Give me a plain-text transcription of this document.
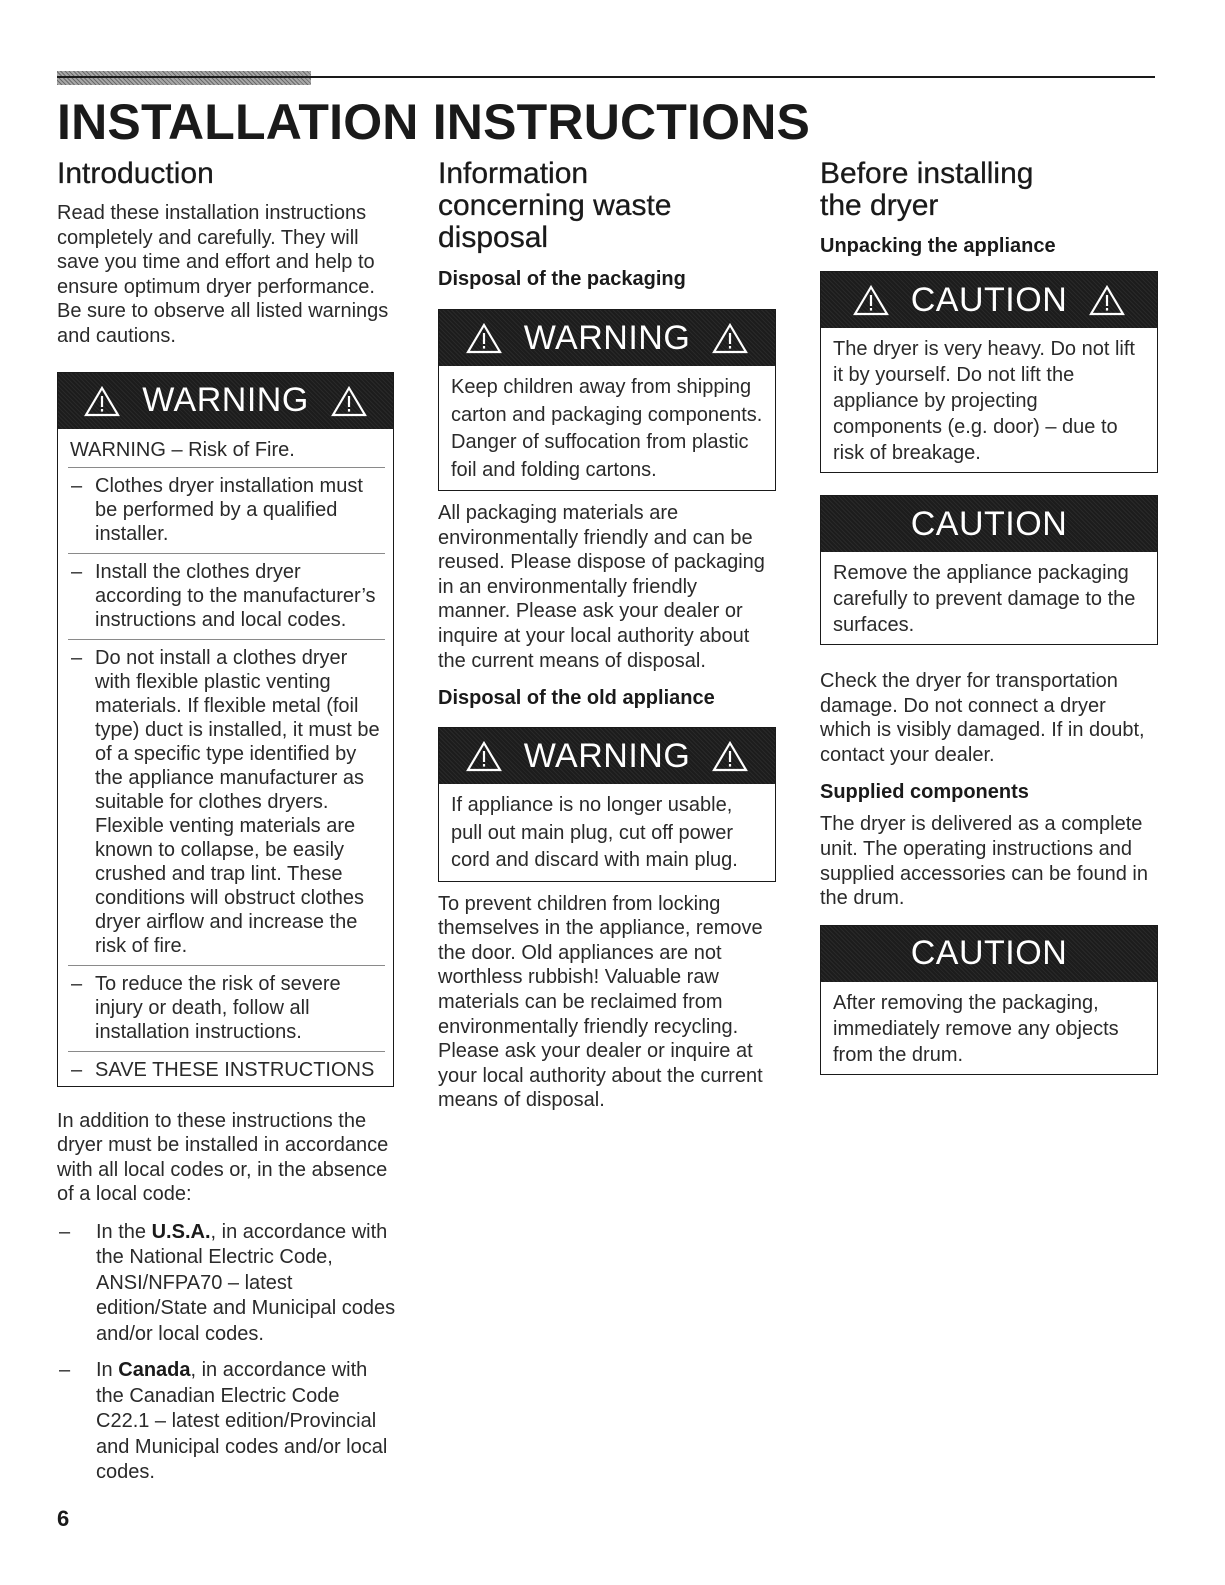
INSTALLATION INSTRUCTIONS
Introduction

Read these installation instructions completely and carefully. They will save you time and effort and help to ensure optimum dryer performance. Be sure to observe all listed warnings and cautions.

WARNING
WARNING – Risk of Fire.
– Clothes dryer installation must be performed by a qualified installer.
– Install the clothes dryer according to the manufacturer’s instructions and local codes.
– Do not install a clothes dryer with flexible plastic venting materials. If flexible metal (foil type) duct is installed, it must be of a specific type identified by the appliance manufacturer as suitable for clothes dryers. Flexible venting materials are known to collapse, be easily crushed and trap lint. These conditions will obstruct clothes dryer airflow and increase the risk of fire.
– To reduce the risk of severe injury or death, follow all installation instructions.
– SAVE THESE INSTRUCTIONS

In addition to these instructions the dryer must be installed in accordance with all local codes or, in the absence of a local code:

– In the U.S.A., in accordance with the National Electric Code, ANSI/NFPA70 – latest edition/State and Municipal codes and/or local codes.
– In Canada, in accordance with the Canadian Electric Code C22.1 – latest edition/Provincial and Municipal codes and/or local codes.
Information concerning waste disposal
Disposal of the packaging
WARNING
Keep children away from shipping carton and packaging components. Danger of suffocation from plastic foil and folding cartons.

All packaging materials are environmentally friendly and can be reused. Please dispose of packaging in an environmentally friendly manner. Please ask your dealer or inquire at your local authority about the current means of disposal.

Disposal of the old appliance
WARNING
If appliance is no longer usable, pull out main plug, cut off power cord and discard with main plug.

To prevent children from locking themselves in the appliance, remove the door. Old appliances are not worthless rubbish! Valuable raw materials can be reclaimed from environmentally friendly recycling. Please ask your dealer or inquire at your local authority about the current means of disposal.

Before installing the dryer
Unpacking the appliance
CAUTION
The dryer is very heavy. Do not lift it by yourself. Do not lift the appliance by projecting components (e.g. door) – due to risk of breakage.
CAUTION
Remove the appliance packaging carefully to prevent damage to the surfaces.

Check the dryer for transportation damage. Do not connect a dryer which is visibly damaged. If in doubt, contact your dealer.

Supplied components

The dryer is delivered as a complete unit. The operating instructions and supplied accessories can be found in the drum.

CAUTION
After removing the packaging, immediately remove any objects from the drum.
6
